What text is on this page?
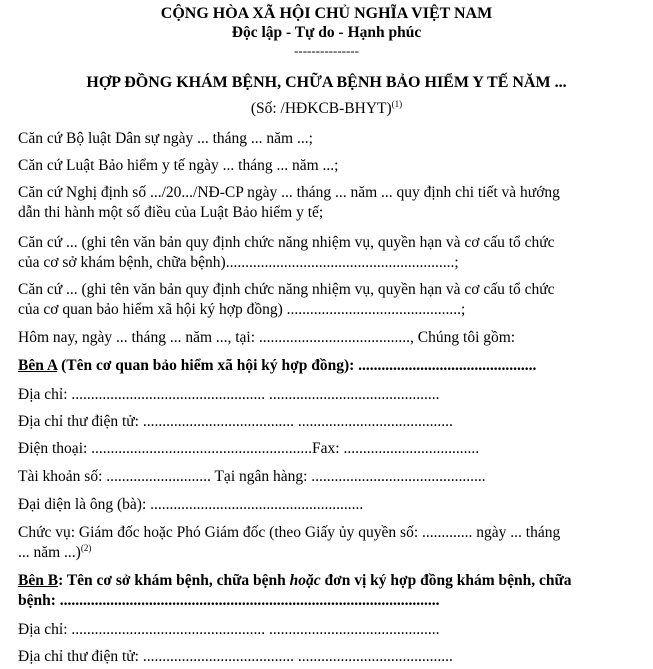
CỘNG HÒA XÃ HỘI CHỦ NGHĨA VIỆT NAM
Độc lập - Tự do - Hạnh phúc
---------------
HỢP ĐỒNG KHÁM BỆNH, CHỮA BỆNH BẢO HIỂM Y TẾ NĂM ...
(Số: /HĐKCB-BHYT)$^{(1)}$
Căn cứ Bộ luật Dân sự ngày ... tháng ... năm ...;
Căn cứ Luật Bảo hiểm y tế ngày ... tháng ... năm ...;
Căn cứ Nghị định số .../20.../NĐ-CP ngày ... tháng ... năm ... quy định chi tiết và hướng
dẫn thi hành một số điều của Luật Bảo hiểm y tế;
Căn cứ ... (ghi tên văn bản quy định chức năng nhiệm vụ, quyền hạn và cơ cấu tổ chức
của cơ sở khám bệnh, chữa bệnh)...........................................................;
Căn cứ ... (ghi tên văn bản quy định chức năng nhiệm vụ, quyền hạn và cơ cấu tổ chức
của cơ quan bảo hiểm xã hội ký hợp đồng) .............................................;
Hôm nay, ngày ... tháng ... năm ..., tại: ......................................., Chúng tôi gồm:
Bên A (Tên cơ quan bảo hiểm xã hội ký hợp đồng): ..............................................
Địa chỉ: .................................................. ............................................
Địa chỉ thư điện tử: ....................................... ........................................
Điện thoại: .........................................................Fax: ...................................
Tài khoản số: ........................... Tại ngân hàng: .............................................
Đại diện là ông (bà): .......................................................
Chức vụ: Giám đốc hoặc Phó Giám đốc (theo Giấy ủy quyền số: ............. ngày ... tháng
... năm ...)$^{(2)}$
Bên B: Tên cơ sở khám bệnh, chữa bệnh hoặc đơn vị ký hợp đồng khám bệnh, chữa
bệnh: ..................................................................................................
Địa chỉ: .................................................. ............................................
Địa chỉ thư điện tử: ....................................... ........................................
